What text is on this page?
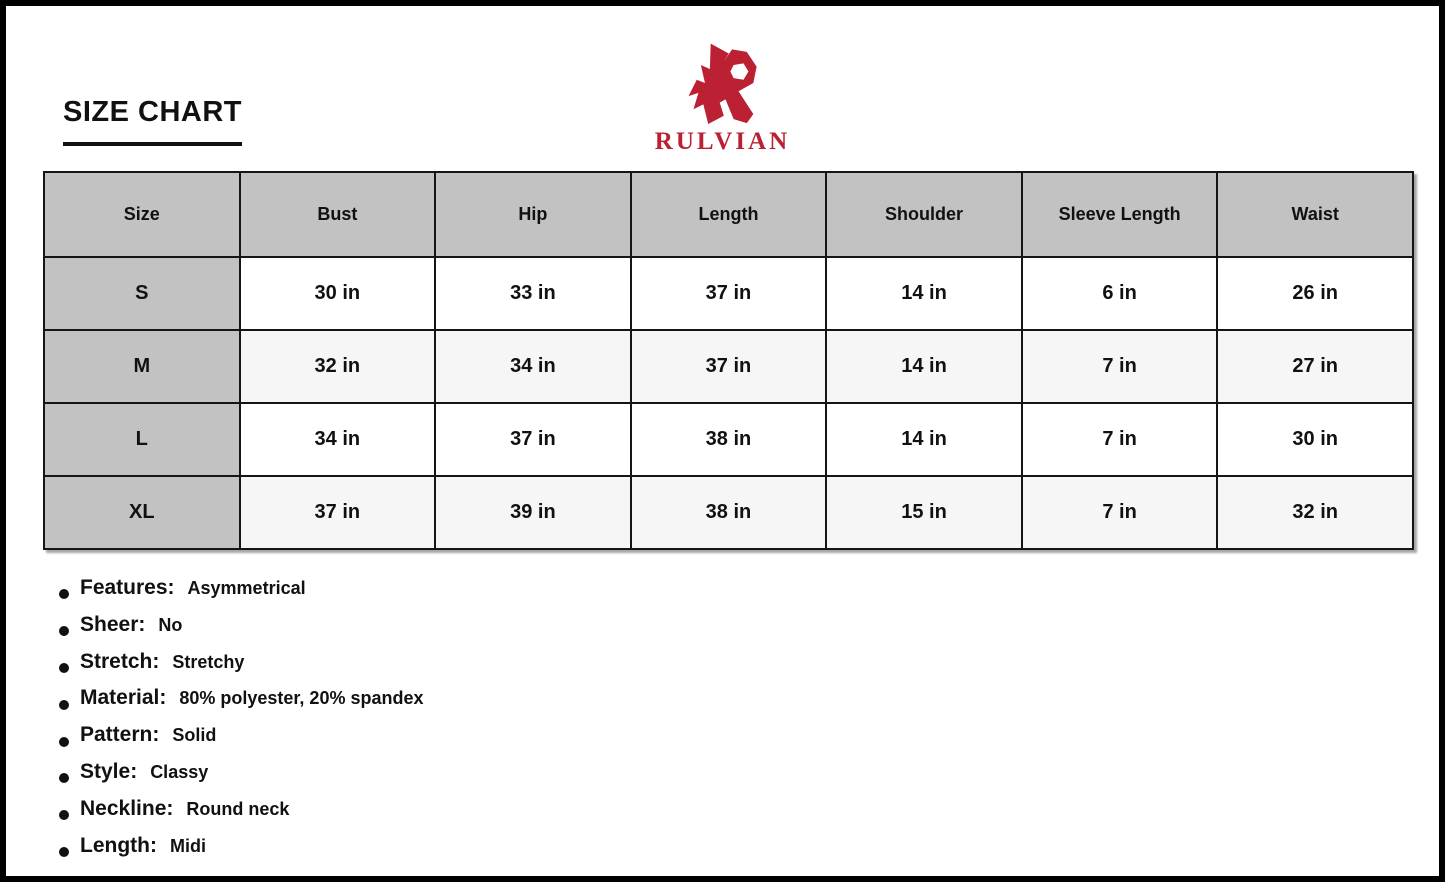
SIZE CHART
RULVIAN
Size	Bust	Hip	Length	Shoulder	Sleeve Length	Waist
S	30 in	33 in	37 in	14 in	6 in	26 in
M	32 in	34 in	37 in	14 in	7 in	27 in
L	34 in	37 in	38 in	14 in	7 in	30 in
XL	37 in	39 in	38 in	15 in	7 in	32 in
Features: Asymmetrical
Sheer: No
Stretch: Stretchy
Material: 80% polyester, 20% spandex
Pattern: Solid
Style: Classy
Neckline: Round neck
Length: Midi
